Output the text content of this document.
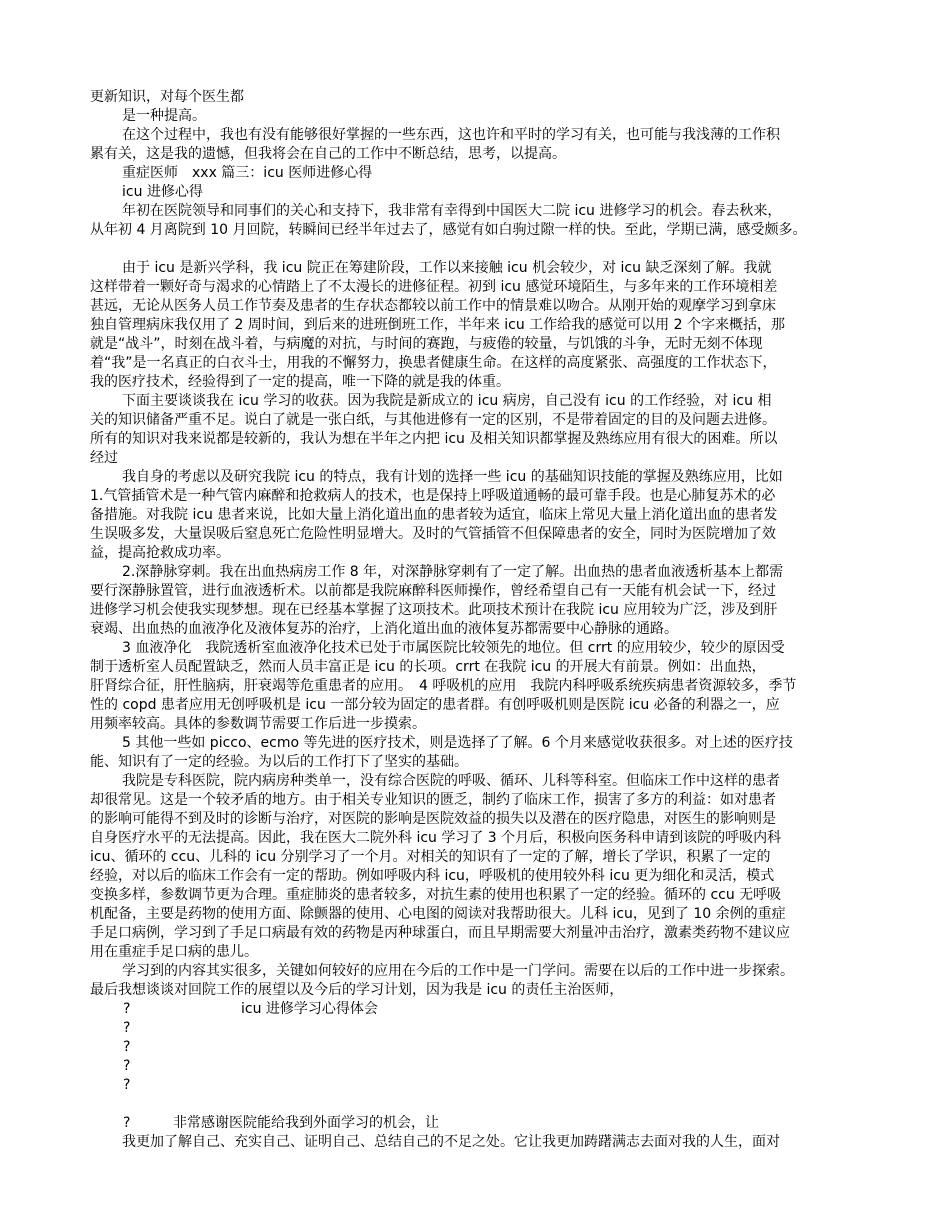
更新知识，对每个医生都
是一种提高。
在这个过程中，我也有没有能够很好掌握的一些东西，这也许和平时的学习有关，也可能与我浅薄的工作积
累有关，这是我的遗憾，但我将会在自己的工作中不断总结，思考，以提高。
重症医师　xxx 篇三：icu 医师进修心得
icu 进修心得
年初在医院领导和同事们的关心和支持下，我非常有幸得到中国医大二院 icu 进修学习的机会。春去秋来，
从年初 4 月离院到 10 月回院，转瞬间已经半年过去了，感觉有如白驹过隙一样的快。至此，学期已满，感受颇多。
由于 icu 是新兴学科，我 icu 院正在筹建阶段，工作以来接触 icu 机会较少，对 icu 缺乏深刻了解。我就
这样带着一颗好奇与渴求的心情踏上了不太漫长的进修征程。初到 icu 感觉环境陌生，与多年来的工作环境相差
甚远，无论从医务人员工作节奏及患者的生存状态都较以前工作中的情景难以吻合。从刚开始的观摩学习到拿床
独自管理病床我仅用了 2 周时间，到后来的进班倒班工作，半年来 icu 工作给我的感觉可以用 2 个字来概括，那
就是“战斗”，时刻在战斗着，与病魔的对抗，与时间的赛跑，与疲倦的较量，与饥饿的斗争，无时无刻不体现
着“我”是一名真正的白衣斗士，用我的不懈努力，换患者健康生命。在这样的高度紧张、高强度的工作状态下，
我的医疗技术，经验得到了一定的提高，唯一下降的就是我的体重。
下面主要谈谈我在 icu 学习的收获。因为我院是新成立的 icu 病房，自己没有 icu 的工作经验，对 icu 相
关的知识储备严重不足。说白了就是一张白纸，与其他进修有一定的区别，不是带着固定的目的及问题去进修。
所有的知识对我来说都是较新的，我认为想在半年之内把 icu 及相关知识都掌握及熟练应用有很大的困难。所以
经过
我自身的考虑以及研究我院 icu 的特点，我有计划的选择一些 icu 的基础知识技能的掌握及熟练应用，比如
1.气管插管术是一种气管内麻醉和抢救病人的技术，也是保持上呼吸道通畅的最可靠手段。也是心肺复苏术的必
备措施。对我院 icu 患者来说，比如大量上消化道出血的患者较为适宜，临床上常见大量上消化道出血的患者发
生误吸多发，大量误吸后窒息死亡危险性明显增大。及时的气管插管不但保障患者的安全，同时为医院增加了效
益，提高抢救成功率。
2.深静脉穿刺。我在出血热病房工作 8 年，对深静脉穿刺有了一定了解。出血热的患者血液透析基本上都需
要行深静脉置管，进行血液透析术。以前都是我院麻醉科医师操作，曾经希望自己有一天能有机会试一下，经过
进修学习机会使我实现梦想。现在已经基本掌握了这项技术。此项技术预计在我院 icu 应用较为广泛，涉及到肝
衰竭、出血热的血液净化及液体复苏的治疗，上消化道出血的液体复苏都需要中心静脉的通路。
3 血液净化　我院透析室血液净化技术已处于市属医院比较领先的地位。但 crrt 的应用较少，较少的原因受
制于透析室人员配置缺乏，然而人员丰富正是 icu 的长项。crrt 在我院 icu 的开展大有前景。例如：出血热，
肝肾综合征，肝性脑病，肝衰竭等危重患者的应用。　4 呼吸机的应用　我院内科呼吸系统疾病患者资源较多，季节
性的 copd 患者应用无创呼吸机是 icu 一部分较为固定的患者群。有创呼吸机则是医院 icu 必备的利器之一，应
用频率较高。具体的参数调节需要工作后进一步摸索。
5 其他一些如 picco、ecmo 等先进的医疗技术，则是选择了了解。6 个月来感觉收获很多。对上述的医疗技
能、知识有了一定的经验。为以后的工作打下了坚实的基础。
我院是专科医院，院内病房种类单一，没有综合医院的呼吸、循环、儿科等科室。但临床工作中这样的患者
却很常见。这是一个较矛盾的地方。由于相关专业知识的匮乏，制约了临床工作，损害了多方的利益：如对患者
的影响可能得不到及时的诊断与治疗，对医院的影响是医院效益的损失以及潜在的医疗隐患，对医生的影响则是
自身医疗水平的无法提高。因此，我在医大二院外科 icu 学习了 3 个月后，积极向医务科申请到该院的呼吸内科
icu、循环的 ccu、儿科的 icu 分别学习了一个月。对相关的知识有了一定的了解，增长了学识，积累了一定的
经验，对以后的临床工作会有一定的帮助。例如呼吸内科 icu，呼吸机的使用较外科 icu 更为细化和灵活，模式
变换多样，参数调节更为合理。重症肺炎的患者较多，对抗生素的使用也积累了一定的经验。循环的 ccu 无呼吸
机配备，主要是药物的使用方面、除颤器的使用、心电图的阅读对我帮助很大。儿科 icu，见到了 10 余例的重症
手足口病例，学习到了手足口病最有效的药物是丙种球蛋白，而且早期需要大剂量冲击治疗，激素类药物不建议应
用在重症手足口病的患儿。
学习到的内容其实很多，关键如何较好的应用在今后的工作中是一门学问。需要在以后的工作中进一步探索。
最后我想谈谈对回院工作的展望以及今后的学习计划，因为我是 icu 的责任主治医师，
?	icu 进修学习心得体会
?
?
?
?
?	非常感谢医院能给我到外面学习的机会，让
我更加了解自己、充实自己、证明自己、总结自己的不足之处。它让我更加踌躇满志去面对我的人生，面对
